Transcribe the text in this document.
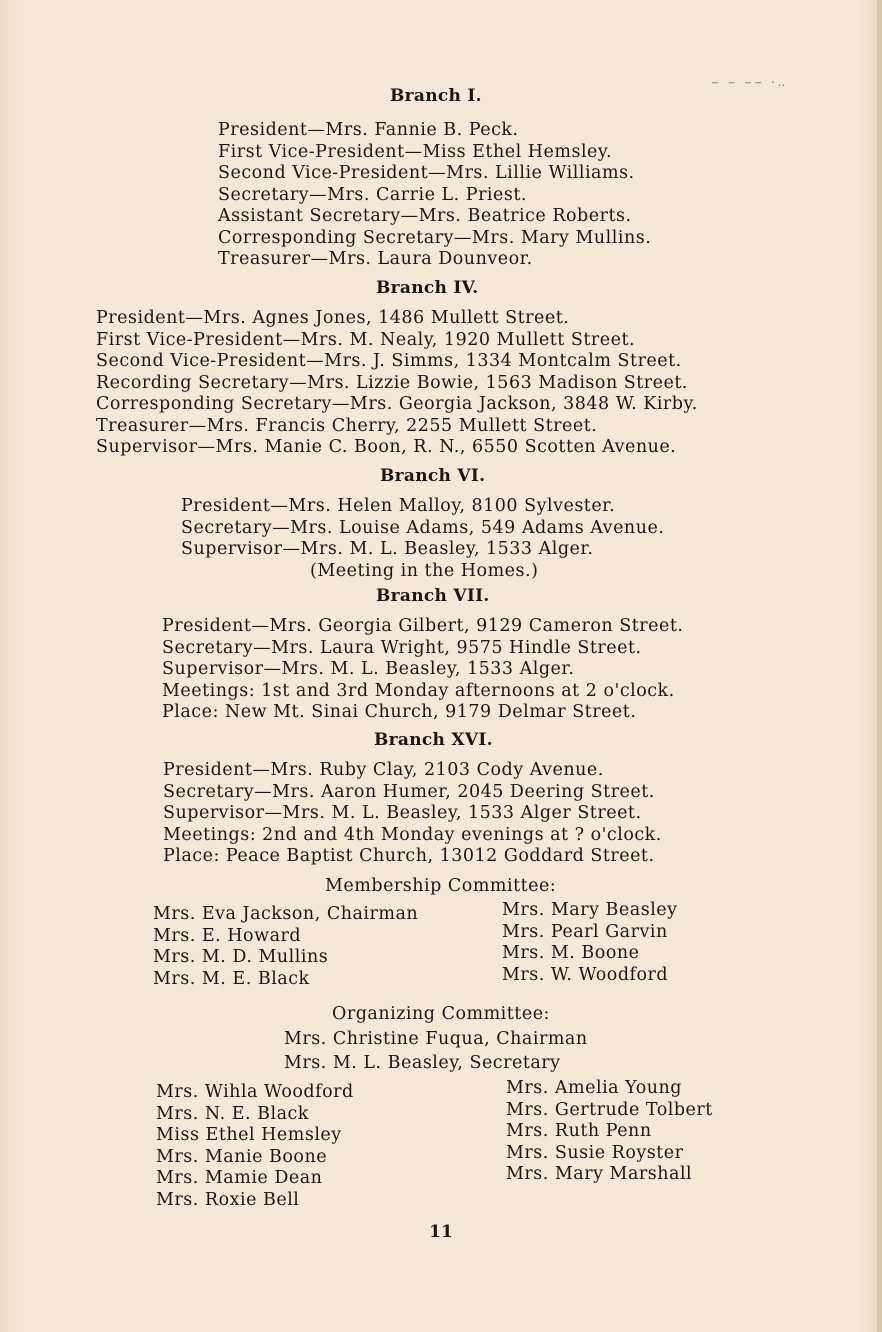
‒ ‒ ‒‒ ·‥
Branch I.
President—Mrs. Fannie B. Peck.
First Vice-President—Miss Ethel Hemsley.
Second Vice-President—Mrs. Lillie Williams.
Secretary—Mrs. Carrie L. Priest.
Assistant Secretary—Mrs. Beatrice Roberts.
Corresponding Secretary—Mrs. Mary Mullins.
Treasurer—Mrs. Laura Dounveor.
Branch IV.
President—Mrs. Agnes Jones, 1486 Mullett Street.
First Vice-President—Mrs. M. Nealy, 1920 Mullett Street.
Second Vice-President—Mrs. J. Simms, 1334 Montcalm Street.
Recording Secretary—Mrs. Lizzie Bowie, 1563 Madison Street.
Corresponding Secretary—Mrs. Georgia Jackson, 3848 W. Kirby.
Treasurer—Mrs. Francis Cherry, 2255 Mullett Street.
Supervisor—Mrs. Manie C. Boon, R. N., 6550 Scotten Avenue.
Branch VI.
President—Mrs. Helen Malloy, 8100 Sylvester.
Secretary—Mrs. Louise Adams, 549 Adams Avenue.
Supervisor—Mrs. M. L. Beasley, 1533 Alger.
(Meeting in the Homes.)
Branch VII.
President—Mrs. Georgia Gilbert, 9129 Cameron Street.
Secretary—Mrs. Laura Wright, 9575 Hindle Street.
Supervisor—Mrs. M. L. Beasley, 1533 Alger.
Meetings: 1st and 3rd Monday afternoons at 2 o'clock.
Place: New Mt. Sinai Church, 9179 Delmar Street.
Branch XVI.
President—Mrs. Ruby Clay, 2103 Cody Avenue.
Secretary—Mrs. Aaron Humer, 2045 Deering Street.
Supervisor—Mrs. M. L. Beasley, 1533 Alger Street.
Meetings: 2nd and 4th Monday evenings at ? o'clock.
Place: Peace Baptist Church, 13012 Goddard Street.
Membership Committee:
Mrs. Eva Jackson, Chairman
Mrs. E. Howard
Mrs. M. D. Mullins
Mrs. M. E. Black
Mrs. Mary Beasley
Mrs. Pearl Garvin
Mrs. M. Boone
Mrs. W. Woodford
Organizing Committee:
Mrs. Christine Fuqua, Chairman
Mrs. M. L. Beasley, Secretary
Mrs. Wihla Woodford
Mrs. N. E. Black
Miss Ethel Hemsley
Mrs. Manie Boone
Mrs. Mamie Dean
Mrs. Roxie Bell
Mrs. Amelia Young
Mrs. Gertrude Tolbert
Mrs. Ruth Penn
Mrs. Susie Royster
Mrs. Mary Marshall
11
